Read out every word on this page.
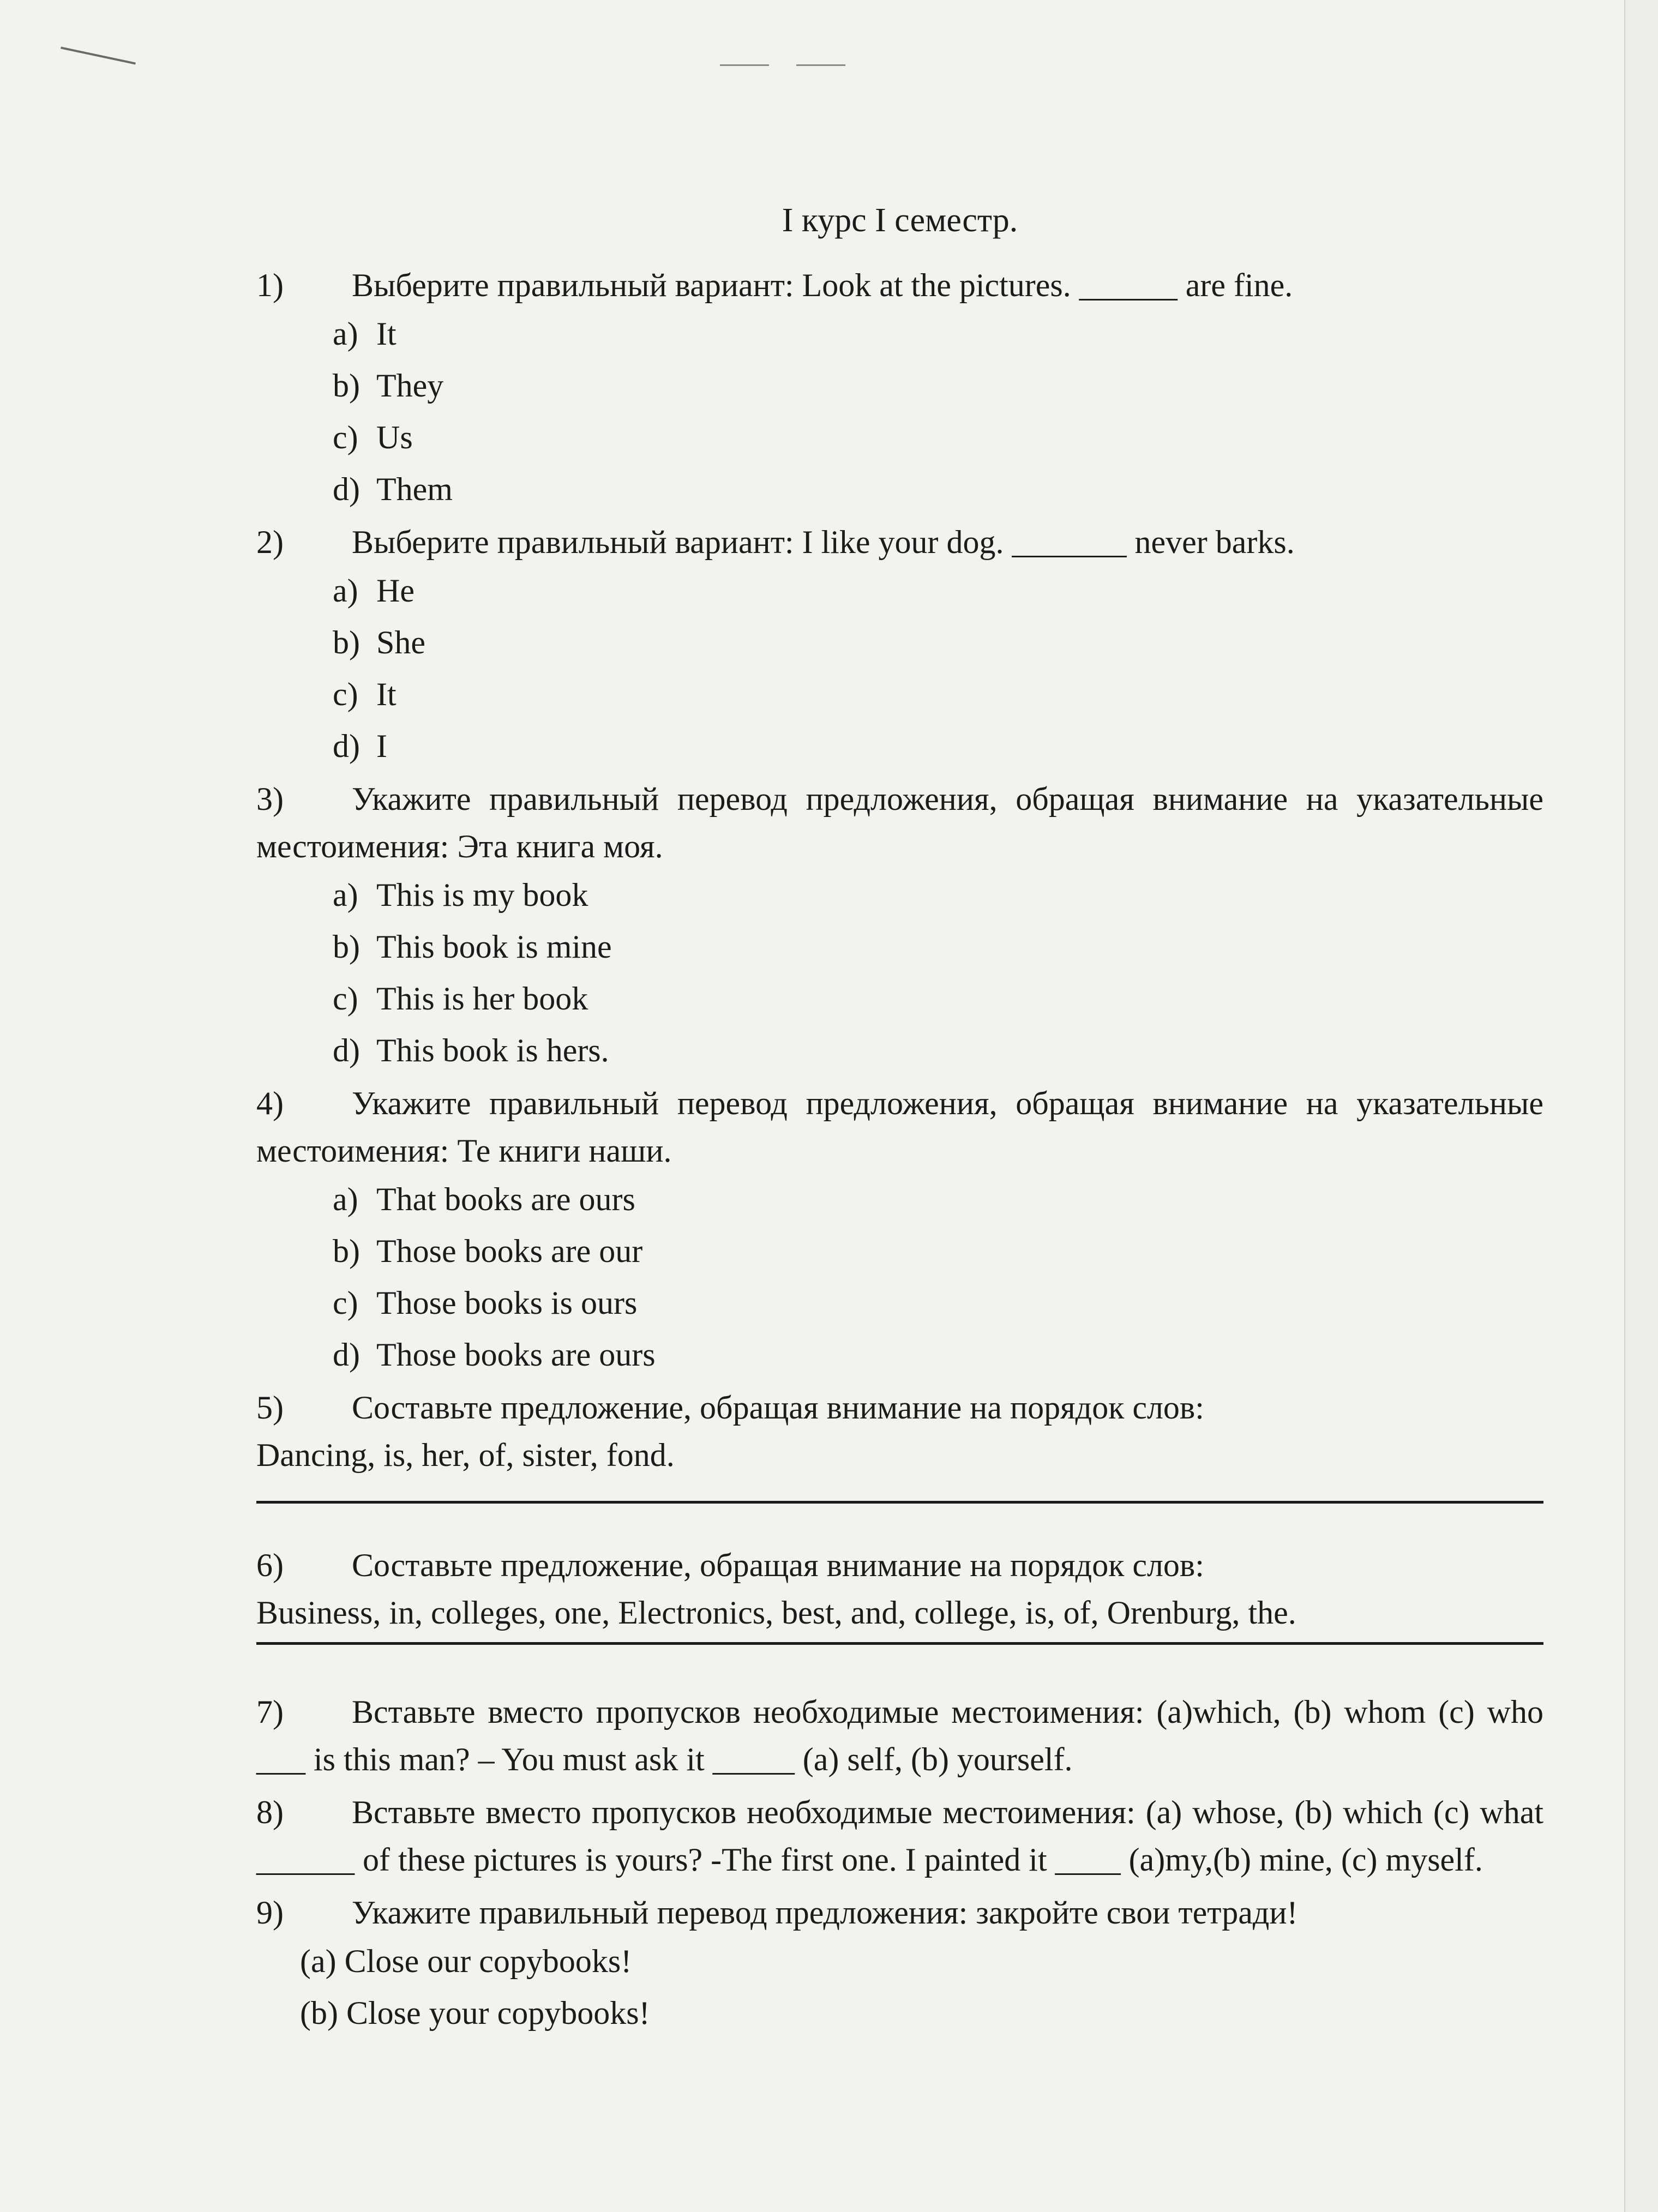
I курс I семестр.
1) Выберите правильный вариант: Look at the pictures. ______ are fine.
a) It
b) They
c) Us
d) Them
2) Выберите правильный вариант: I like your dog. _______ never barks.
a) He
b) She
c) It
d) I
3) Укажите правильный перевод предложения, обращая внимание на указательные местоимения: Эта книга моя.
a) This is my book
b) This book is mine
c) This is her book
d) This book is hers.
4) Укажите правильный перевод предложения, обращая внимание на указательные местоимения: Те книги наши.
a) That books are ours
b) Those books are our
c) Those books is ours
d) Those books are ours
5) Составьте предложение, обращая внимание на порядок слов:
Dancing, is, her, of, sister, fond.
6) Составьте предложение, обращая внимание на порядок слов:
Business, in, colleges, one, Electronics, best, and, college, is, of, Orenburg, the.
7) Вставьте вместо пропусков необходимые местоимения: (a)which, (b) whom (c) who ___ is this man? – You must ask it _____ (a) self, (b) yourself.
8) Вставьте вместо пропусков необходимые местоимения: (a) whose, (b) which (c) what ______ of these pictures is yours? -The first one. I painted it ____ (a)my,(b) mine, (c) myself.
9) Укажите правильный перевод предложения: закройте свои тетради!
(a) Close our copybooks!
(b) Close your copybooks!
